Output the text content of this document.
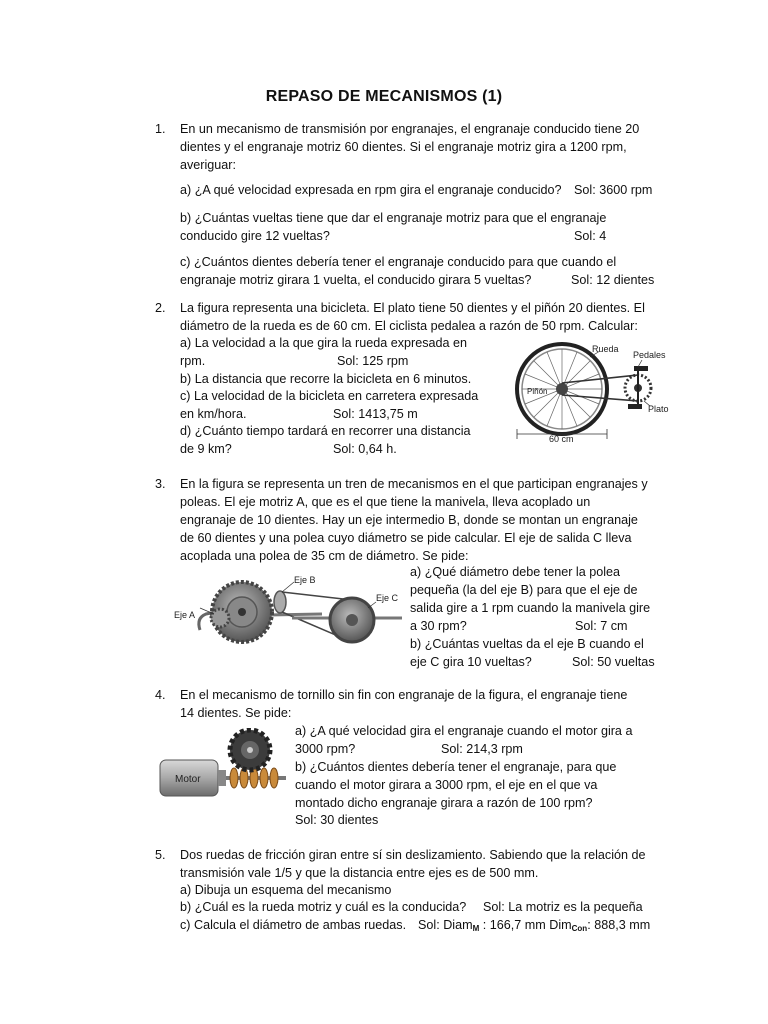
REPASO DE MECANISMOS (1)
1. En un mecanismo de transmisión por engranajes, el engranaje conducido tiene 20
dientes y el engranaje motriz 60 dientes. Si el engranaje motriz gira a 1200 rpm,
averiguar:
a) ¿A qué velocidad expresada en rpm gira el engranaje conducido? Sol: 3600 rpm
b) ¿Cuántas vueltas tiene que dar el engranaje motriz para que el engranaje
conducido gire 12 vueltas?	Sol: 4
c) ¿Cuántos dientes debería tener el engranaje conducido para que cuando el
engranaje motriz girara 1 vuelta, el conducido girara 5 vueltas?	Sol: 12 dientes
2. La figura representa una bicicleta. El plato tiene 50 dientes y el piñón 20 dientes. El
diámetro de la rueda es de 60 cm. El ciclista pedalea a razón de 50 rpm. Calcular:
a) La velocidad a la que gira la rueda expresada en
rpm.	Sol: 125 rpm
b) La distancia que recorre la bicicleta en 6 minutos.
c) La velocidad de la bicicleta en carretera expresada
en km/hora.	Sol: 1413,75 m
d) ¿Cuánto tiempo tardará en recorrer una distancia
de 9 km?	Sol: 0,64 h.
Rueda
Pedales
Piñón
Plato
60 cm
3. En la figura se representa un tren de mecanismos en el que participan engranajes y
poleas. El eje motriz A, que es el que tiene la manivela, lleva acoplado un
engranaje de 10 dientes. Hay un eje intermedio B, donde se montan un engranaje
de 60 dientes y una polea cuyo diámetro se pide calcular. El eje de salida C lleva
acoplada una polea de 35 cm de diámetro. Se pide:
a) ¿Qué diámetro debe tener la polea
pequeña (la del eje B) para que el eje de
salida gire a 1 rpm cuando la manivela gire
a 30 rpm?	Sol: 7 cm
b) ¿Cuántas vueltas da el eje B cuando el
eje C gira 10 vueltas?	Sol: 50 vueltas
Eje A
Eje B
Eje C
4. En el mecanismo de tornillo sin fin con engranaje de la figura, el engranaje tiene
14 dientes. Se pide:
a) ¿A qué velocidad gira el engranaje cuando el motor gira a
3000 rpm?	Sol: 214,3 rpm
b) ¿Cuántos dientes debería tener el engranaje, para que
cuando el motor girara a 3000 rpm, el eje en el que va
montado dicho engranaje girara a razón de 100 rpm?
Sol: 30 dientes
Motor
5. Dos ruedas de fricción giran entre sí sin deslizamiento. Sabiendo que la relación de
transmisión vale 1/5 y que la distancia entre ejes es de 500 mm.
a) Dibuja un esquema del mecanismo
b) ¿Cuál es la rueda motriz y cuál es la conducida? Sol: La motriz es la pequeña
c) Calcula el diámetro de ambas ruedas. Sol: Diam$_M$ : 166,7 mm Dim$_{Con}$: 888,3 mm
